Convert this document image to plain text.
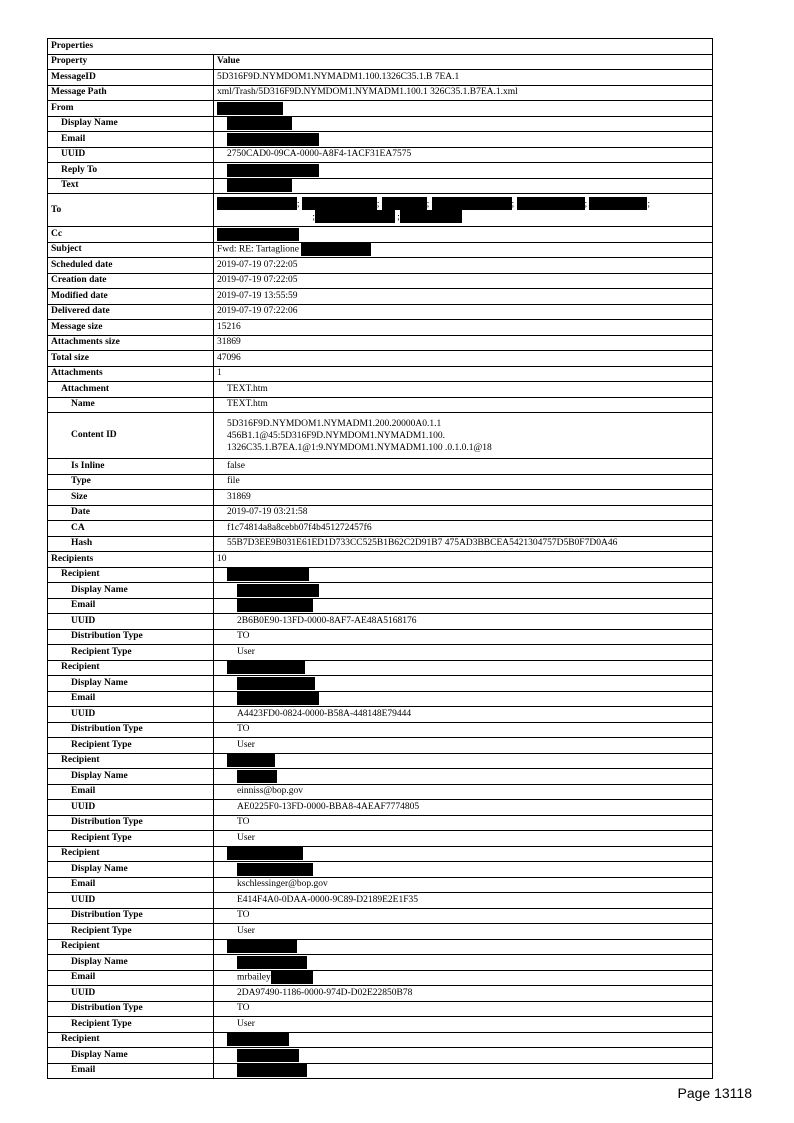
Properties	
Property	Value
MessageID	5D316F9D.NYMDOM1.NYMADM1.100.1326C35.1.B 7EA.1
Message Path	xml/Trash/5D316F9D.NYMDOM1.NYMADM1.100.1 326C35.1.B7EA.1.xml
From	
Display Name	
Email	
UUID	2750CAD0-09CA-0000-A8F4-1ACF31EA7575
Reply To	
Text	
To	; ; ; ; ; ;
; ;

Cc	
Subject	Fwd: RE: Tartaglione
Scheduled date	2019-07-19 07:22:05
Creation date	2019-07-19 07:22:05
Modified date	2019-07-19 13:55:59
Delivered date	2019-07-19 07:22:06
Message size	15216
Attachments size	31869
Total size	47096
Attachments	1
Attachment	TEXT.htm
Name	TEXT.htm
Content ID	5D316F9D.NYMDOM1.NYMADM1.200.20000A0.1.1
456B1.1@45:5D316F9D.NYMDOM1.NYMADM1.100.
1326C35.1.B7EA.1@1:9.NYMDOM1.NYMADM1.100 .0.1.0.1@18

Is Inline	false
Type	file
Size	31869
Date	2019-07-19 03:21:58
CA	f1c74814a8a8cebb07f4b451272457f6
Hash	55B7D3EE9B031E61ED1D733CC525B1B62C2D91B7 475AD3BBCEA5421304757D5B0F7D0A46
Recipients	10
Recipient	
Display Name	
Email	
UUID	2B6B0E90-13FD-0000-8AF7-AE48A5168176
Distribution Type	TO
Recipient Type	User
Recipient	
Display Name	
Email	
UUID	A4423FD0-0824-0000-B58A-448148E79444
Distribution Type	TO
Recipient Type	User
Recipient	
Display Name	
Email	einniss@bop.gov
UUID	AE0225F0-13FD-0000-BBA8-4AEAF7774805
Distribution Type	TO
Recipient Type	User
Recipient	
Display Name	
Email	kschlessinger@bop.gov
UUID	E414F4A0-0DAA-0000-9C89-D2189E2E1F35
Distribution Type	TO
Recipient Type	User
Recipient	
Display Name	
Email	mrbailey
UUID	2DA97490-1186-0000-974D-D02E22850B78
Distribution Type	TO
Recipient Type	User
Recipient	
Display Name	
Email	
Page 13118
